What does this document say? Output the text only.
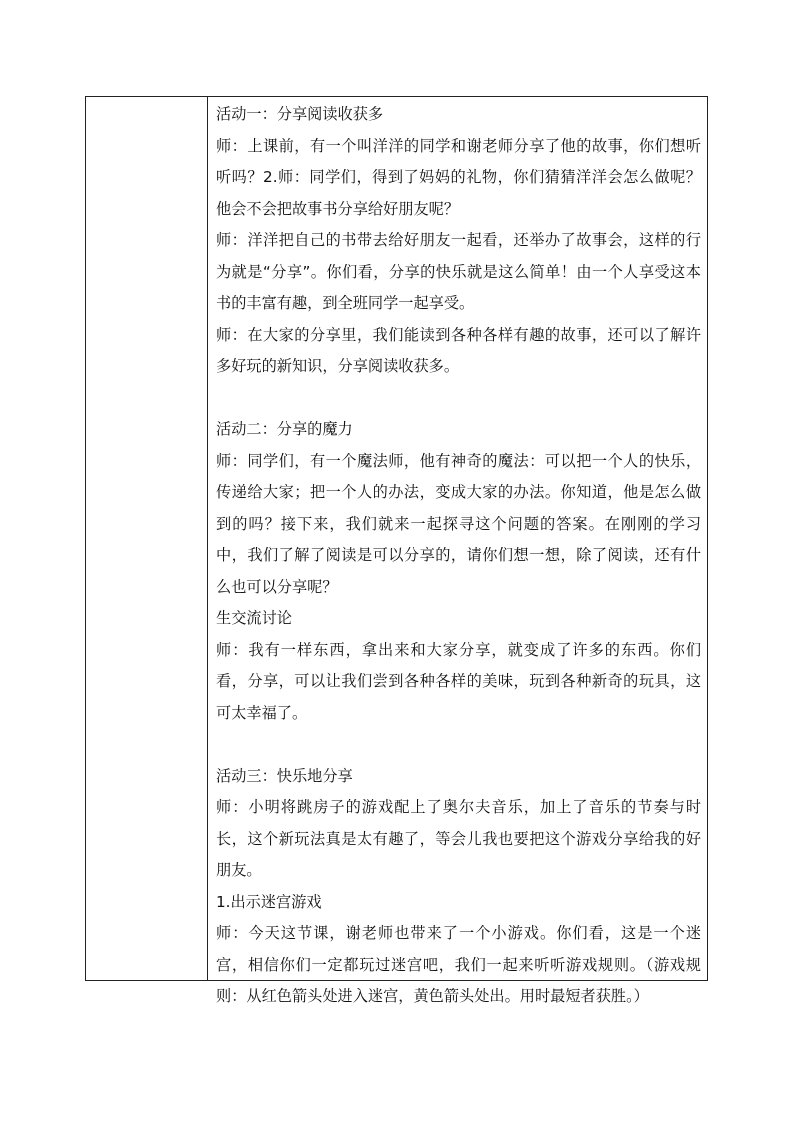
活动一：分享阅读收获多

师：上课前，有一个叫洋洋的同学和谢老师分享了他的故事，你们想听听吗？2.师：同学们，得到了妈妈的礼物，你们猜猜洋洋会怎么做呢？他会不会把故事书分享给好朋友呢？

师：洋洋把自己的书带去给好朋友一起看，还举办了故事会，这样的行为就是“分享”。你们看，分享的快乐就是这么简单！由一个人享受这本书的丰富有趣，到全班同学一起享受。

师：在大家的分享里，我们能读到各种各样有趣的故事，还可以了解许多好玩的新知识，分享阅读收获多。

活动二：分享的魔力

师：同学们，有一个魔法师，他有神奇的魔法：可以把一个人的快乐，传递给大家；把一个人的办法，变成大家的办法。你知道，他是怎么做到的吗？接下来，我们就来一起探寻这个问题的答案。在刚刚的学习中，我们了解了阅读是可以分享的，请你们想一想，除了阅读，还有什么也可以分享呢？

生交流讨论

师：我有一样东西，拿出来和大家分享，就变成了许多的东西。你们看，分享，可以让我们尝到各种各样的美味，玩到各种新奇的玩具，这可太幸福了。

活动三：快乐地分享

师：小明将跳房子的游戏配上了奥尔夫音乐，加上了音乐的节奏与时长，这个新玩法真是太有趣了，等会儿我也要把这个游戏分享给我的好朋友。

1.出示迷宫游戏

师：今天这节课，谢老师也带来了一个小游戏。你们看，这是一个迷宫，相信你们一定都玩过迷宫吧，我们一起来听听游戏规则。（游戏规则：从红色箭头处进入迷宫，黄色箭头处出。用时最短者获胜。）
